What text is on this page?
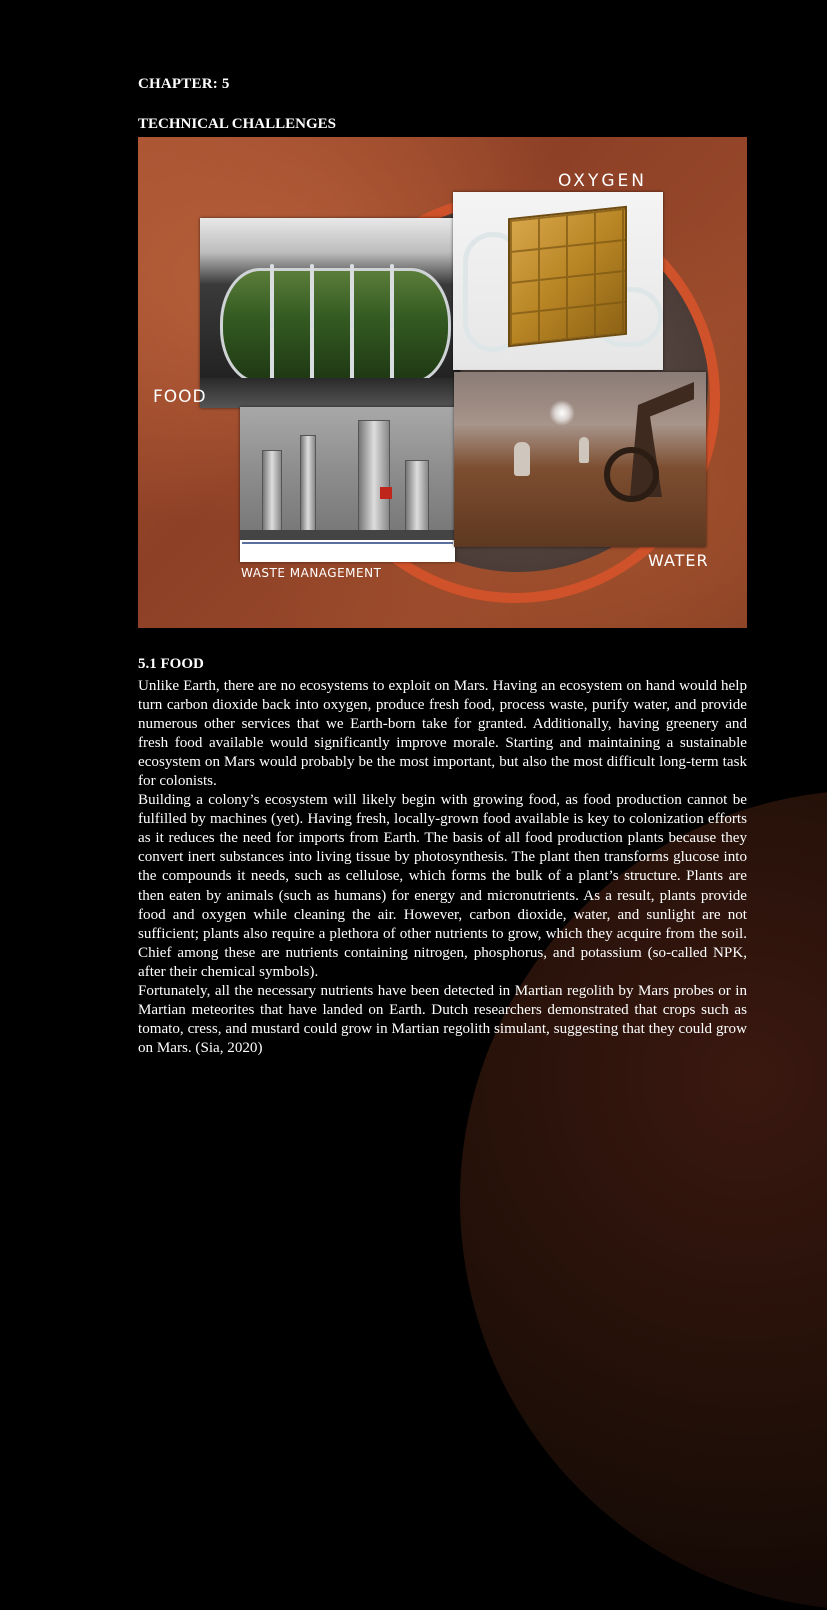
CHAPTER: 5
TECHNICAL CHALLENGES
OXYGEN
FOOD
WATER
WASTE MANAGEMENT
5.1 FOOD

Unlike Earth, there are no ecosystems to exploit on Mars. Having an ecosystem on hand would help turn carbon dioxide back into oxygen, produce fresh food, process waste, purify water, and provide numerous other services that we Earth-born take for granted. Additionally, having greenery and fresh food available would significantly improve morale. Starting and maintaining a sustainable ecosystem on Mars would probably be the most important, but also the most difficult long-term task for colonists.

Building a colony’s ecosystem will likely begin with growing food, as food production cannot be fulfilled by machines (yet). Having fresh, locally-grown food available is key to colonization efforts as it reduces the need for imports from Earth. The basis of all food production plants because they convert inert substances into living tissue by photosynthesis. The plant then transforms glucose into the compounds it needs, such as cellulose, which forms the bulk of a plant’s structure. Plants are then eaten by animals (such as humans) for energy and micronutrients. As a result, plants provide food and oxygen while cleaning the air. However, carbon dioxide, water, and sunlight are not sufficient; plants also require a plethora of other nutrients to grow, which they acquire from the soil. Chief among these are nutrients containing nitrogen, phosphorus, and potassium (so-called NPK, after their chemical symbols).

Fortunately, all the necessary nutrients have been detected in Martian regolith by Mars probes or in Martian meteorites that have landed on Earth. Dutch researchers demonstrated that crops such as tomato, cress, and mustard could grow in Martian regolith simulant, suggesting that they could grow on Mars. (Sia, 2020)
